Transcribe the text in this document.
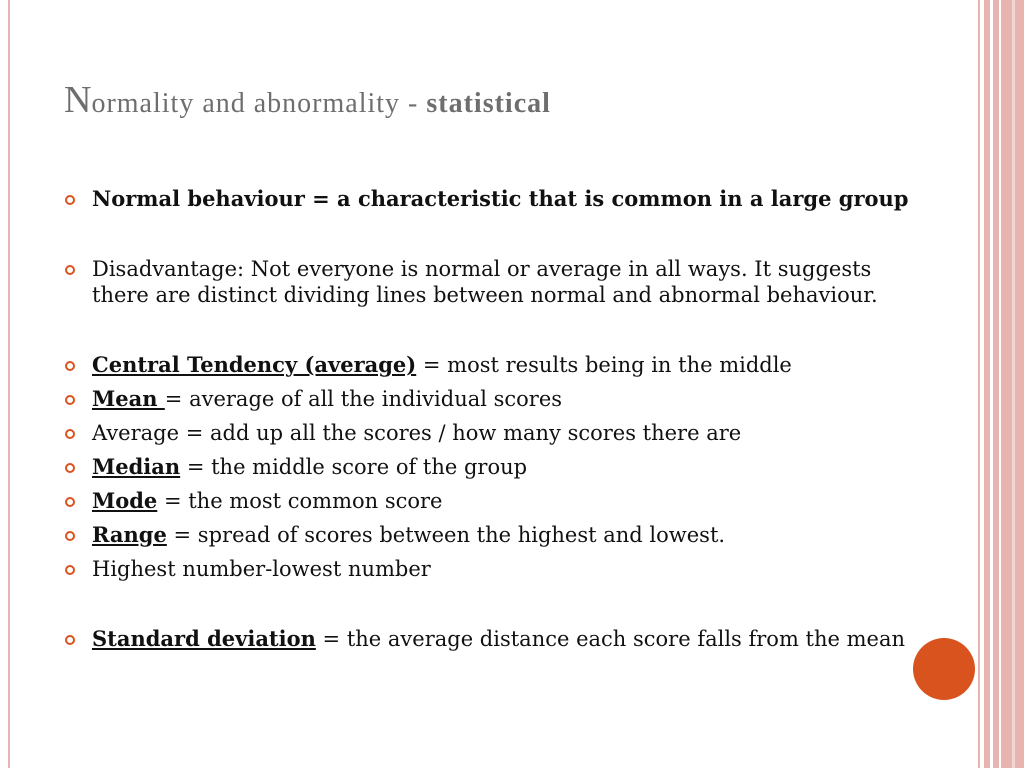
Normality and abnormality - statistical
Normal behaviour = a characteristic that is common in a large group
Disadvantage: Not everyone is normal or average in all ways. It suggests there are distinct dividing lines between normal and abnormal behaviour.
Central Tendency (average) = most results being in the middle
Mean = average of all the individual scores
Average = add up all the scores / how many scores there are
Median = the middle score of the group
Mode = the most common score
Range = spread of scores between the highest and lowest.
Highest number-lowest number
Standard deviation = the average distance each score falls from the mean
